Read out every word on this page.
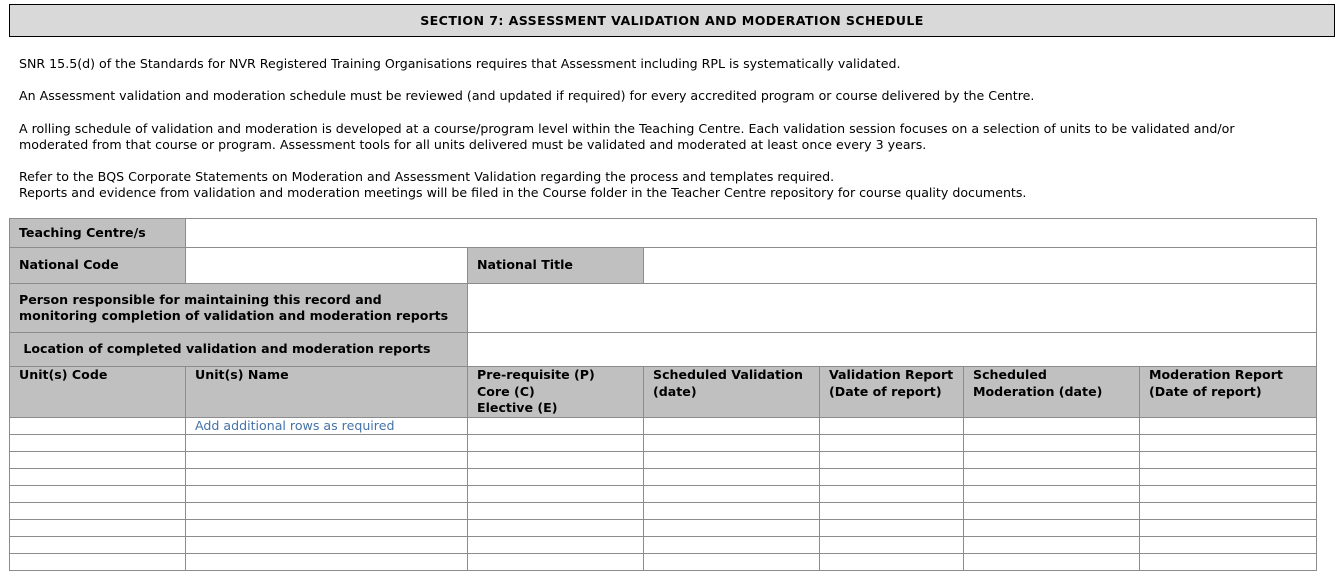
SECTION 7: ASSESSMENT VALIDATION AND MODERATION SCHEDULE
SNR 15.5(d) of the Standards for NVR Registered Training Organisations requires that Assessment including RPL is systematically validated.
An Assessment validation and moderation schedule must be reviewed (and updated if required) for every accredited program or course delivered by the Centre.
A rolling schedule of validation and moderation is developed at a course/program level within the Teaching Centre. Each validation session focuses on a selection of units to be validated and/or
moderated from that course or program. Assessment tools for all units delivered must be validated and moderated at least once every 3 years.
Refer to the BQS Corporate Statements on Moderation and Assessment Validation regarding the process and templates required.
Reports and evidence from validation and moderation meetings will be filed in the Course folder in the Teacher Centre repository for course quality documents.
Teaching Centre/s						
National Code		National Title				
Person responsible for maintaining this record and monitoring completion of validation and moderation reports						
Location of completed validation and moderation reports						
Unit(s) Code	Unit(s) Name	Pre-requisite (P)
Core (C)
Elective (E)	Scheduled Validation (date)	Validation Report (Date of report)	Scheduled Moderation (date)	Moderation Report (Date of report)
	Add additional rows as required					
